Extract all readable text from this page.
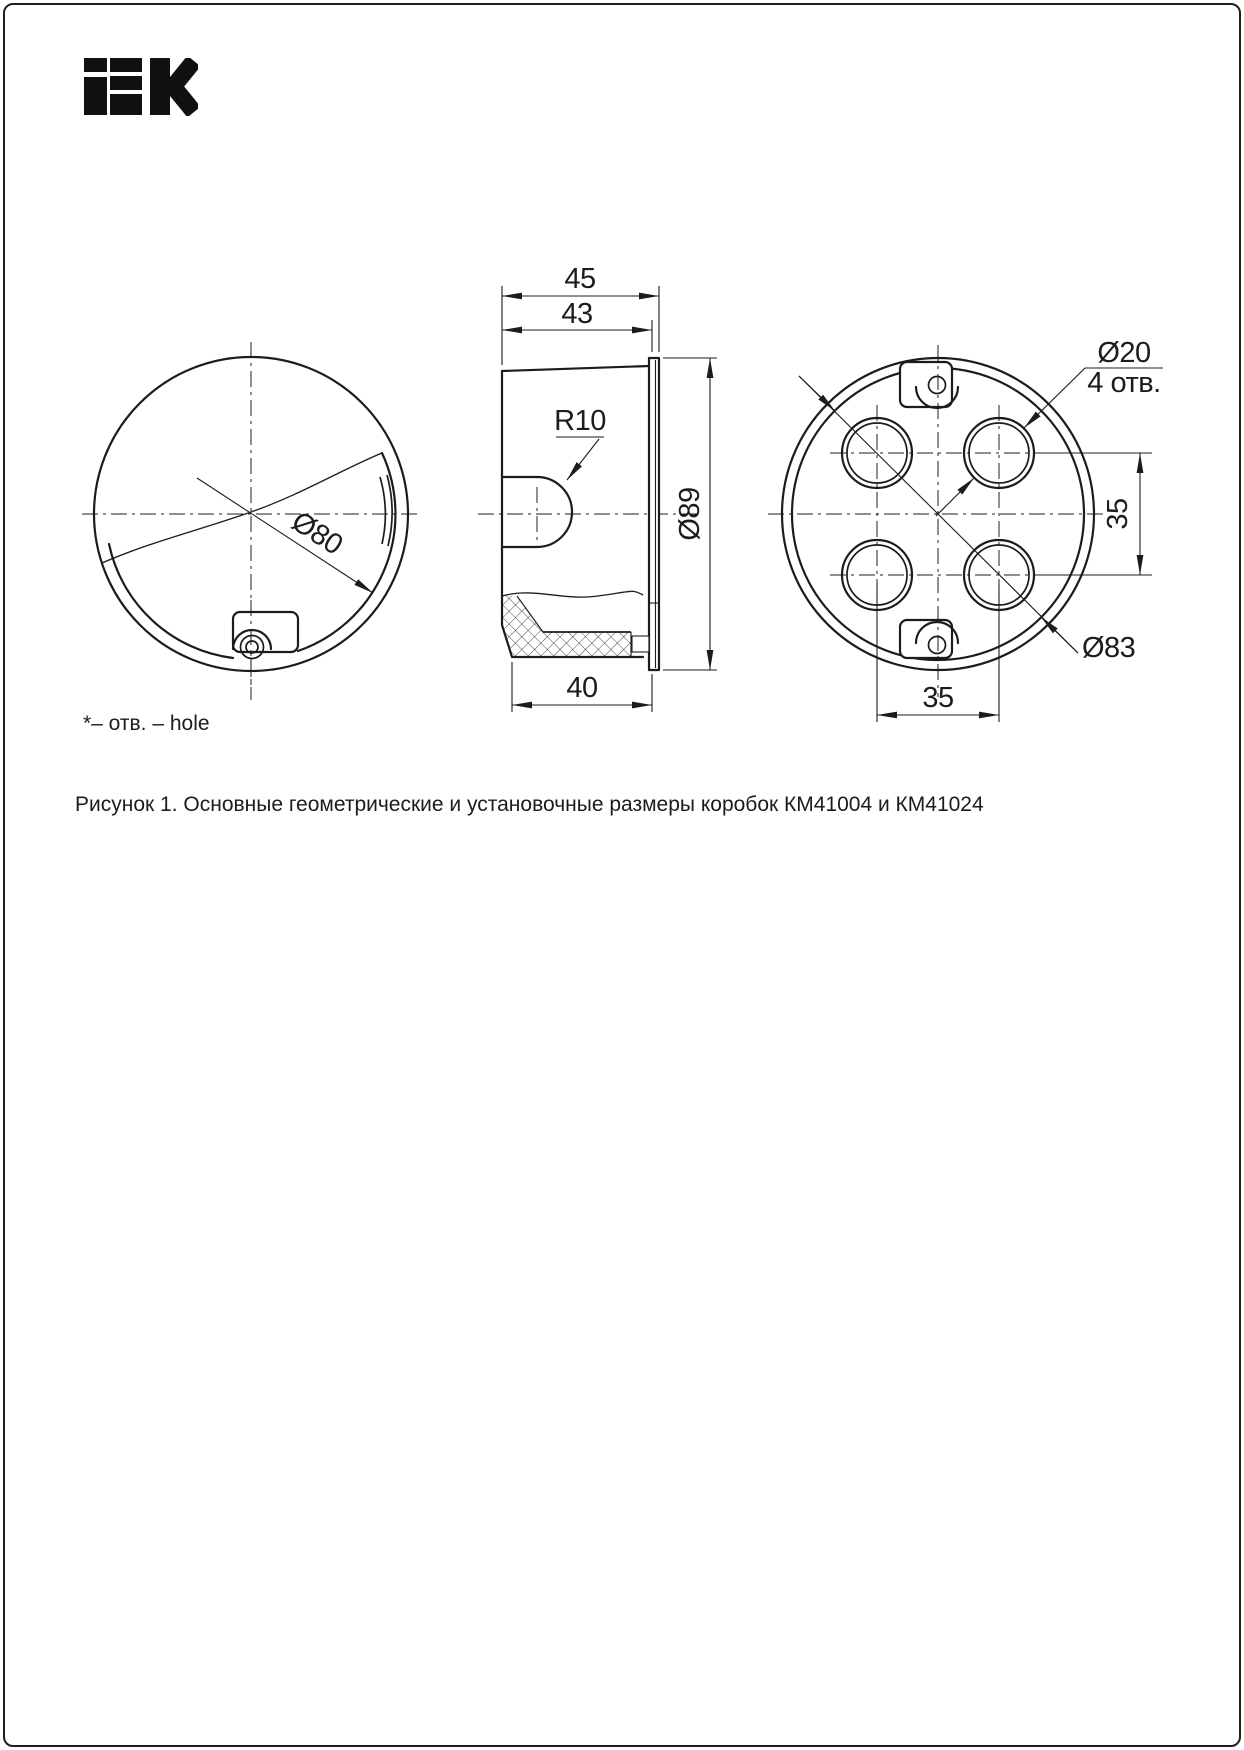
Ø80
45
43
R10
Ø89
40
Ø83
Ø20
4 отв.
35
35
*– отв. – hole
Рисунок 1. Основные геометрические и установочные размеры коробок КМ41004 и КМ41024
